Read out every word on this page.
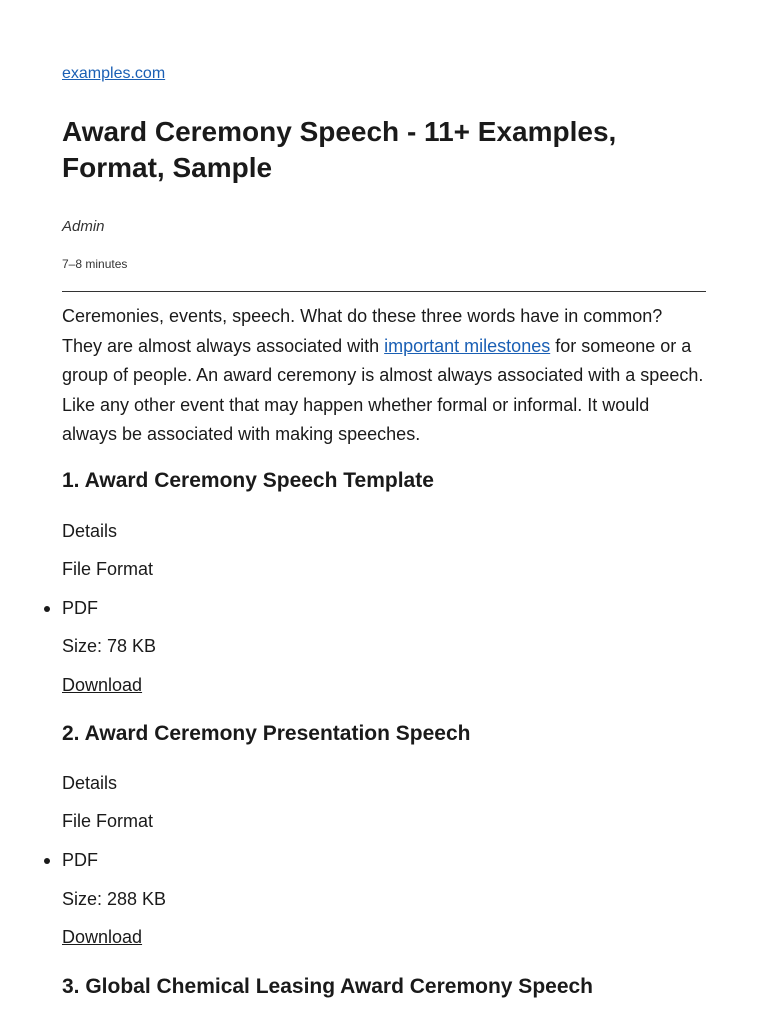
examples.com
Award Ceremony Speech - 11+ Examples, Format, Sample
Admin
7–8 minutes

Ceremonies, events, speech. What do these three words have in common? They are almost always associated with important milestones for someone or a group of people. An award ceremony is almost always associated with a speech. Like any other event that may happen whether formal or informal. It would always be associated with making speeches.

1. Award Ceremony Speech Template
Details
File Format
PDF
Size: 78 KB
Download
2. Award Ceremony Presentation Speech
Details
File Format
PDF
Size: 288 KB
Download
3. Global Chemical Leasing Award Ceremony Speech
